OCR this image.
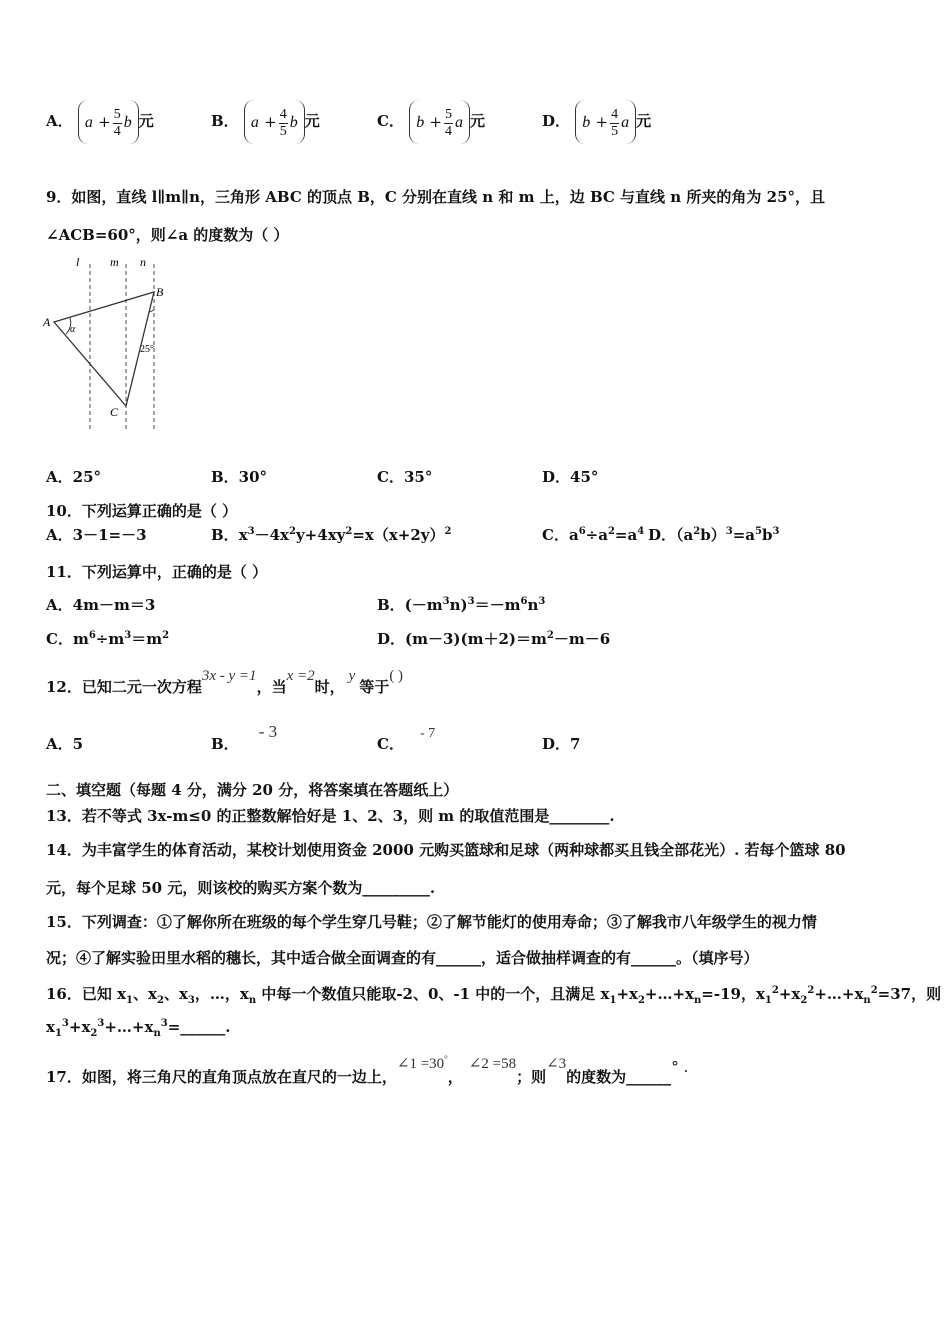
A． $a + \frac{5}{4}$ b 元	B． $a + \frac{4}{5}$ b 元	C． $b + \frac{5}{4}$ a 元	D． $b + \frac{4}{5}$ a 元
9．如图，直线 l∥m∥n，三角形 ABC 的顶点 B，C 分别在直线 n 和 m 上，边 BC 与直线 n 所夹的角为 25°，且
∠ACB=60°，则∠a 的度数为（ ）
l	m n
A
B
C
α
25°
A．25°	B．30°	C．35°	D．45°
10．下列运算正确的是（ ）
A．3－1=－3	B．$x^3-4x^2y+4xy^2=x(x+2y)^2$	C．$a^6\div a^2=a^4$ D．$(a^2b)^3=a^5b^3$
11．下列运算中，正确的是（ ）
A．4m－m＝3	B．$(-m^3n)^3=-m^6n^3$
C．$m^6\div m^3=m^2$	D．$(m-3)(m+2)=m^2-m-6$
12．已知二元一次方程3x - y =1，当x =2时，y等于( )
A．5	B．- 3
C．- 7
D．7
二、填空题（每题 4 分，满分 20 分，将答案填在答题纸上）
13．若不等式 3x-m≤0 的正整数解恰好是 1、2、3，则 m 的取值范围是________.
14．为丰富学生的体育活动，某校计划使用资金 2000 元购买篮球和足球（两种球都买且钱全部花光）. 若每个篮球 80
元，每个足球 50 元，则该校的购买方案个数为_________.
15．下列调查：①了解你所在班级的每个学生穿几号鞋；②了解节能灯的使用寿命；③了解我市八年级学生的视力情
况；④了解实验田里水稻的穗长，其中适合做全面调查的有______，适合做抽样调查的有______。（填序号）
16．已知 $x_1$、$x_2$、$x_3$，…，$x_n$ 中每一个数值只能取-2、0、-1 中的一个，且满足 $x_1+x_2+\dots+x_n=-19$，$x_1^2+x_2^2+\dots+x_n^2=37$，则
$x_1^3+x_2^3+\dots+x_n^3=\_\_\_\_\_\_$.
17．如图，将三角尺的直角顶点放在直尺的一边上，∠1 =30°，∠2 =58；则∠3的度数为______° .
